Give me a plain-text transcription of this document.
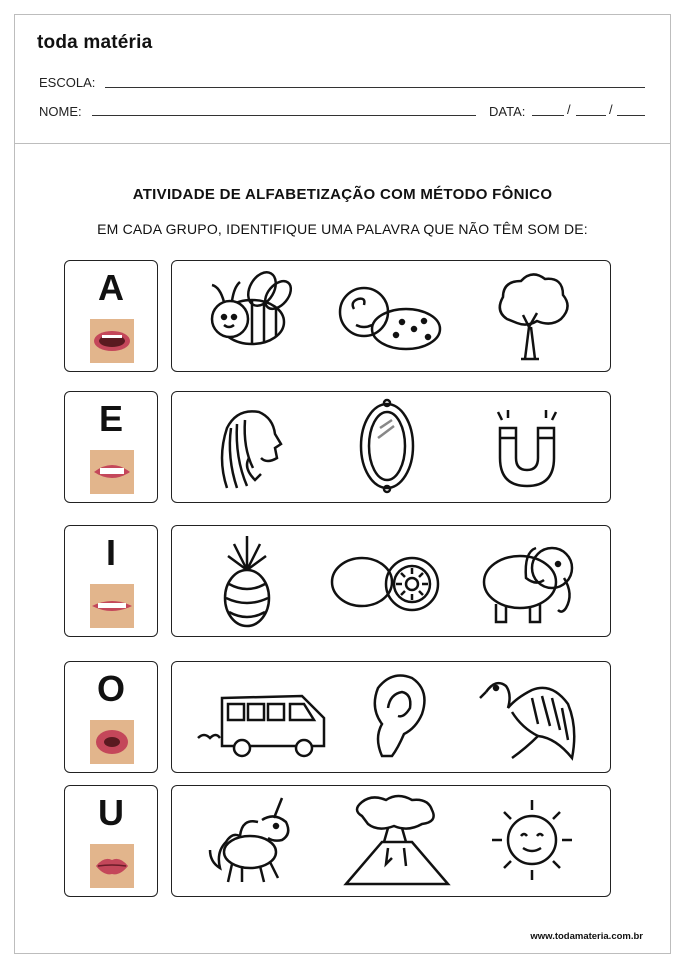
toda matéria
ESCOLA:
NOME:	DATA:	/	/
ATIVIDADE DE ALFABETIZAÇÃO COM MÉTODO FÔNICO
EM CADA GRUPO, IDENTIFIQUE UMA PALAVRA QUE NÃO TÊM SOM DE:
A
E
I
O
U
www.todamateria.com.br
